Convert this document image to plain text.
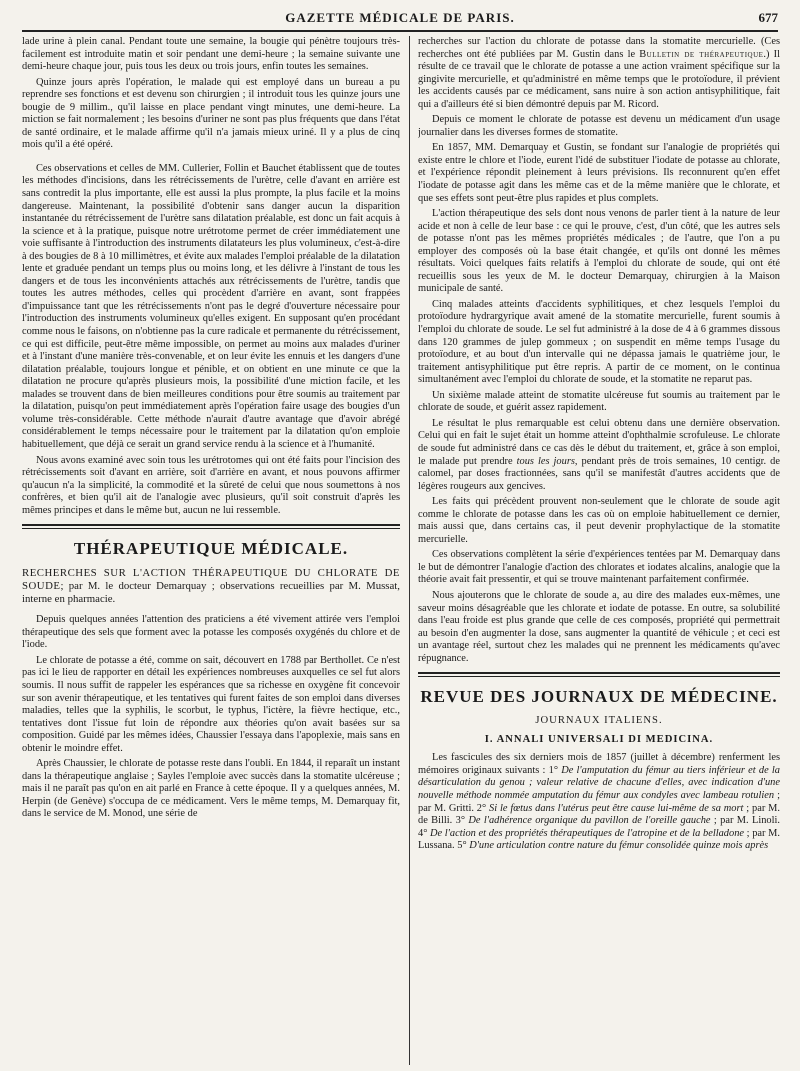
GAZETTE MÉDICALE DE PARIS.	677

lade urine à plein canal. Pendant toute une semaine, la bougie qui pénètre toujours très-facilement est introduite matin et soir pendant une demi-heure ; la semaine suivante une demi-heure chaque jour, puis tous les deux ou trois jours, enfin toutes les semaines.

Quinze jours après l'opération, le malade qui est employé dans un bureau a pu reprendre ses fonctions et est devenu son chirurgien ; il introduit tous les quinze jours une bougie de 9 millim., qu'il laisse en place pendant vingt minutes, une demi-heure. La miction se fait normalement ; les besoins d'uriner ne sont pas plus fréquents que dans l'état de santé ordinaire, et le malade affirme qu'il n'a jamais mieux uriné. Il y a plus de cinq mois qu'il a été opéré.

Ces observations et celles de MM. Cullerier, Follin et Bauchet établissent que de toutes les méthodes d'incisions, dans les rétrécissements de l'urètre, celle d'avant en arrière est sans contredit la plus importante, elle est aussi la plus prompte, la plus facile et la moins dangereuse. Maintenant, la possibilité d'obtenir sans danger aucun la disparition instantanée du rétrécissement de l'urètre sans dilatation préalable, est donc un fait acquis à la science et à la pratique, puisque notre urétrotome permet de créer immédiatement une voie suffisante à l'introduction des instruments dilatateurs les plus volumineux, c'est-à-dire à des bougies de 8 à 10 millimètres, et évite aux malades l'emploi préalable de la dilatation lente et graduée pendant un temps plus ou moins long, et les délivre à l'instant de tous les dangers et de tous les inconvénients attachés aux rétrécissements de l'urètre, tandis que toutes les autres méthodes, celles qui procèdent d'arrière en avant, sont frappées d'impuissance tant que les rétrécissements n'ont pas le degré d'ouverture nécessaire pour l'introduction des instruments volumineux qu'elles exigent. En supposant qu'en procédant comme nous le faisons, on n'obtienne pas la cure radicale et permanente du rétrécissement, ce qui est difficile, peut-être même impossible, on permet au moins aux malades d'uriner et à l'instant d'une manière très-convenable, et on leur évite les ennuis et les dangers d'une dilatation préalable, toujours longue et pénible, et on obtient en une minute ce que la dilatation ne procure qu'après plusieurs mois, la possibilité d'une miction facile, et les malades se trouvent dans de bien meilleures conditions pour être soumis au traitement par la dilatation, puisqu'on peut immédiatement après l'opération faire usage des bougies d'un volume très-considérable. Cette méthode n'aurait d'autre avantage que d'avoir abrégé considérablement le temps nécessaire pour le traitement par la dilatation qu'on emploie habituellement, que déjà ce serait un grand service rendu à la science et à l'humanité.

Nous avons examiné avec soin tous les urétrotomes qui ont été faits pour l'incision des rétrécissements soit d'avant en arrière, soit d'arrière en avant, et nous pouvons affirmer qu'aucun n'a la simplicité, la commodité et la sûreté de celui que nous soumettons à nos confrères, et bien qu'il ait de l'analogie avec plusieurs, qu'il soit construit d'après les mêmes principes et dans le même but, aucun ne lui ressemble.

THÉRAPEUTIQUE MÉDICALE.

RECHERCHES SUR L'ACTION THÉRAPEUTIQUE DU CHLORATE DE SOUDE; par M. le docteur Demarquay ; observations recueillies par M. Mussat, interne en pharmacie.

Depuis quelques années l'attention des praticiens a été vivement attirée vers l'emploi thérapeutique des sels que forment avec la potasse les composés oxygénés du chlore et de l'iode.

Le chlorate de potasse a été, comme on sait, découvert en 1788 par Berthollet. Ce n'est pas ici le lieu de rapporter en détail les expériences nombreuses auxquelles ce sel fut alors soumis. Il nous suffit de rappeler les espérances que sa richesse en oxygène fit concevoir sur son avenir thérapeutique, et les tentatives qui furent faites de son emploi dans diverses maladies, telles que la syphilis, le scorbut, le typhus, l'ictère, la fièvre hectique, etc., tentatives dont l'issue fut loin de répondre aux théories qu'on avait basées sur sa composition. Guidé par les mêmes idées, Chaussier l'essaya dans l'apoplexie, mais sans en obtenir le moindre effet.

Après Chaussier, le chlorate de potasse reste dans l'oubli. En 1844, il reparaît un instant dans la thérapeutique anglaise ; Sayles l'emploie avec succès dans la stomatite ulcéreuse ; mais il ne paraît pas qu'on en ait parlé en France à cette époque. Il y a quelques années, M. Herpin (de Genève) s'occupa de ce médicament. Vers le même temps, M. Demarquay fit, dans le service de M. Monod, une série de

recherches sur l'action du chlorate de potasse dans la stomatite mercurielle. (Ces recherches ont été publiées par M. Gustin dans le Bulletin de thérapeutique.) Il résulte de ce travail que le chlorate de potasse a une action vraiment spécifique sur la gingivite mercurielle, et qu'administré en même temps que le protoïodure, il prévient les accidents causés par ce médicament, sans nuire à son action antisyphilitique, fait qui a d'ailleurs été si bien démontré depuis par M. Ricord.

Depuis ce moment le chlorate de potasse est devenu un médicament d'un usage journalier dans les diverses formes de stomatite.

En 1857, MM. Demarquay et Gustin, se fondant sur l'analogie de propriétés qui existe entre le chlore et l'iode, eurent l'idé de substituer l'iodate de potasse au chlorate, et l'expérience répondit pleinement à leurs prévisions. Ils reconnurent qu'en effet l'iodate de potasse agit dans les même cas et de la même manière que le chlorate, et que ses effets sont peut-être plus rapides et plus complets.

L'action thérapeutique des sels dont nous venons de parler tient à la nature de leur acide et non à celle de leur base : ce qui le prouve, c'est, d'un côté, que les autres sels de potasse n'ont pas les mêmes propriétés médicales ; de l'autre, que l'on a pu employer des composés où la base était changée, et qu'ils ont donné les mêmes résultats. Voici quelques faits relatifs à l'emploi du chlorate de soude, qui ont été recueillis sous les yeux de M. le docteur Demarquay, chirurgien à la Maison municipale de santé.

Cinq malades atteints d'accidents syphilitiques, et chez lesquels l'emploi du protoïodure hydrargyrique avait amené de la stomatite mercurielle, furent soumis à l'emploi du chlorate de soude. Le sel fut administré à la dose de 4 à 6 grammes dissous dans 120 grammes de julep gommeux ; on suspendit en même temps l'usage du protoïodure, et au bout d'un intervalle qui ne dépassa jamais le quatrième jour, le traitement antisyphilitique put être repris. A partir de ce moment, on le continua simultanément avec l'emploi du chlorate de soude, et la stomatite ne reparut pas.

Un sixième malade atteint de stomatite ulcéreuse fut soumis au traitement par le chlorate de soude, et guérit assez rapidement.

Le résultat le plus remarquable est celui obtenu dans une dernière observation. Celui qui en fait le sujet était un homme atteint d'ophthalmie scrofuleuse. Le chlorate de soude fut administré dans ce cas dès le début du traitement, et, grâce à son emploi, le malade put prendre tous les jours, pendant près de trois semaines, 10 centigr. de calomel, par doses fractionnées, sans qu'il se manifestât d'autres accidents que de légères rougeurs aux gencives.

Les faits qui précèdent prouvent non-seulement que le chlorate de soude agit comme le chlorate de potasse dans les cas où on emploie habituellement ce dernier, mais aussi que, dans certains cas, il peut devenir prophylactique de la stomatite mercurielle.

Ces observations complètent la série d'expériences tentées par M. Demarquay dans le but de démontrer l'analogie d'action des chlorates et iodates alcalins, analogie que la théorie avait fait pressentir, et qui se trouve maintenant parfaitement confirmée.

Nous ajouterons que le chlorate de soude a, au dire des malades eux-mêmes, une saveur moins désagréable que les chlorate et iodate de potasse. En outre, sa solubilité dans l'eau froide est plus grande que celle de ces composés, propriété qui permettrait au besoin d'en augmenter la dose, sans augmenter la quantité de véhicule ; et ceci est un avantage réel, surtout chez les malades qui ne prennent les médicaments qu'avec répugnance.

REVUE DES JOURNAUX DE MÉDECINE.
JOURNAUX ITALIENS.
I. ANNALI UNIVERSALI DI MEDICINA.

Les fascicules des six derniers mois de 1857 (juillet à décembre) renferment les mémoires originaux suivants : 1° De l'amputation du fémur au tiers inférieur et de la désarticulation du genou ; valeur relative de chacune d'elles, avec indication d'une nouvelle méthode nommée amputation du fémur aux condyles avec lambeau rotulien ; par M. Gritti. 2° Si le fœtus dans l'utérus peut être cause lui-même de sa mort ; par M. de Billi. 3° De l'adhérence organique du pavillon de l'oreille gauche ; par M. Linoli. 4° De l'action et des propriétés thérapeutiques de l'atropine et de la belladone ; par M. Lussana. 5° D'une articulation contre nature du fémur consolidée quinze mois après
